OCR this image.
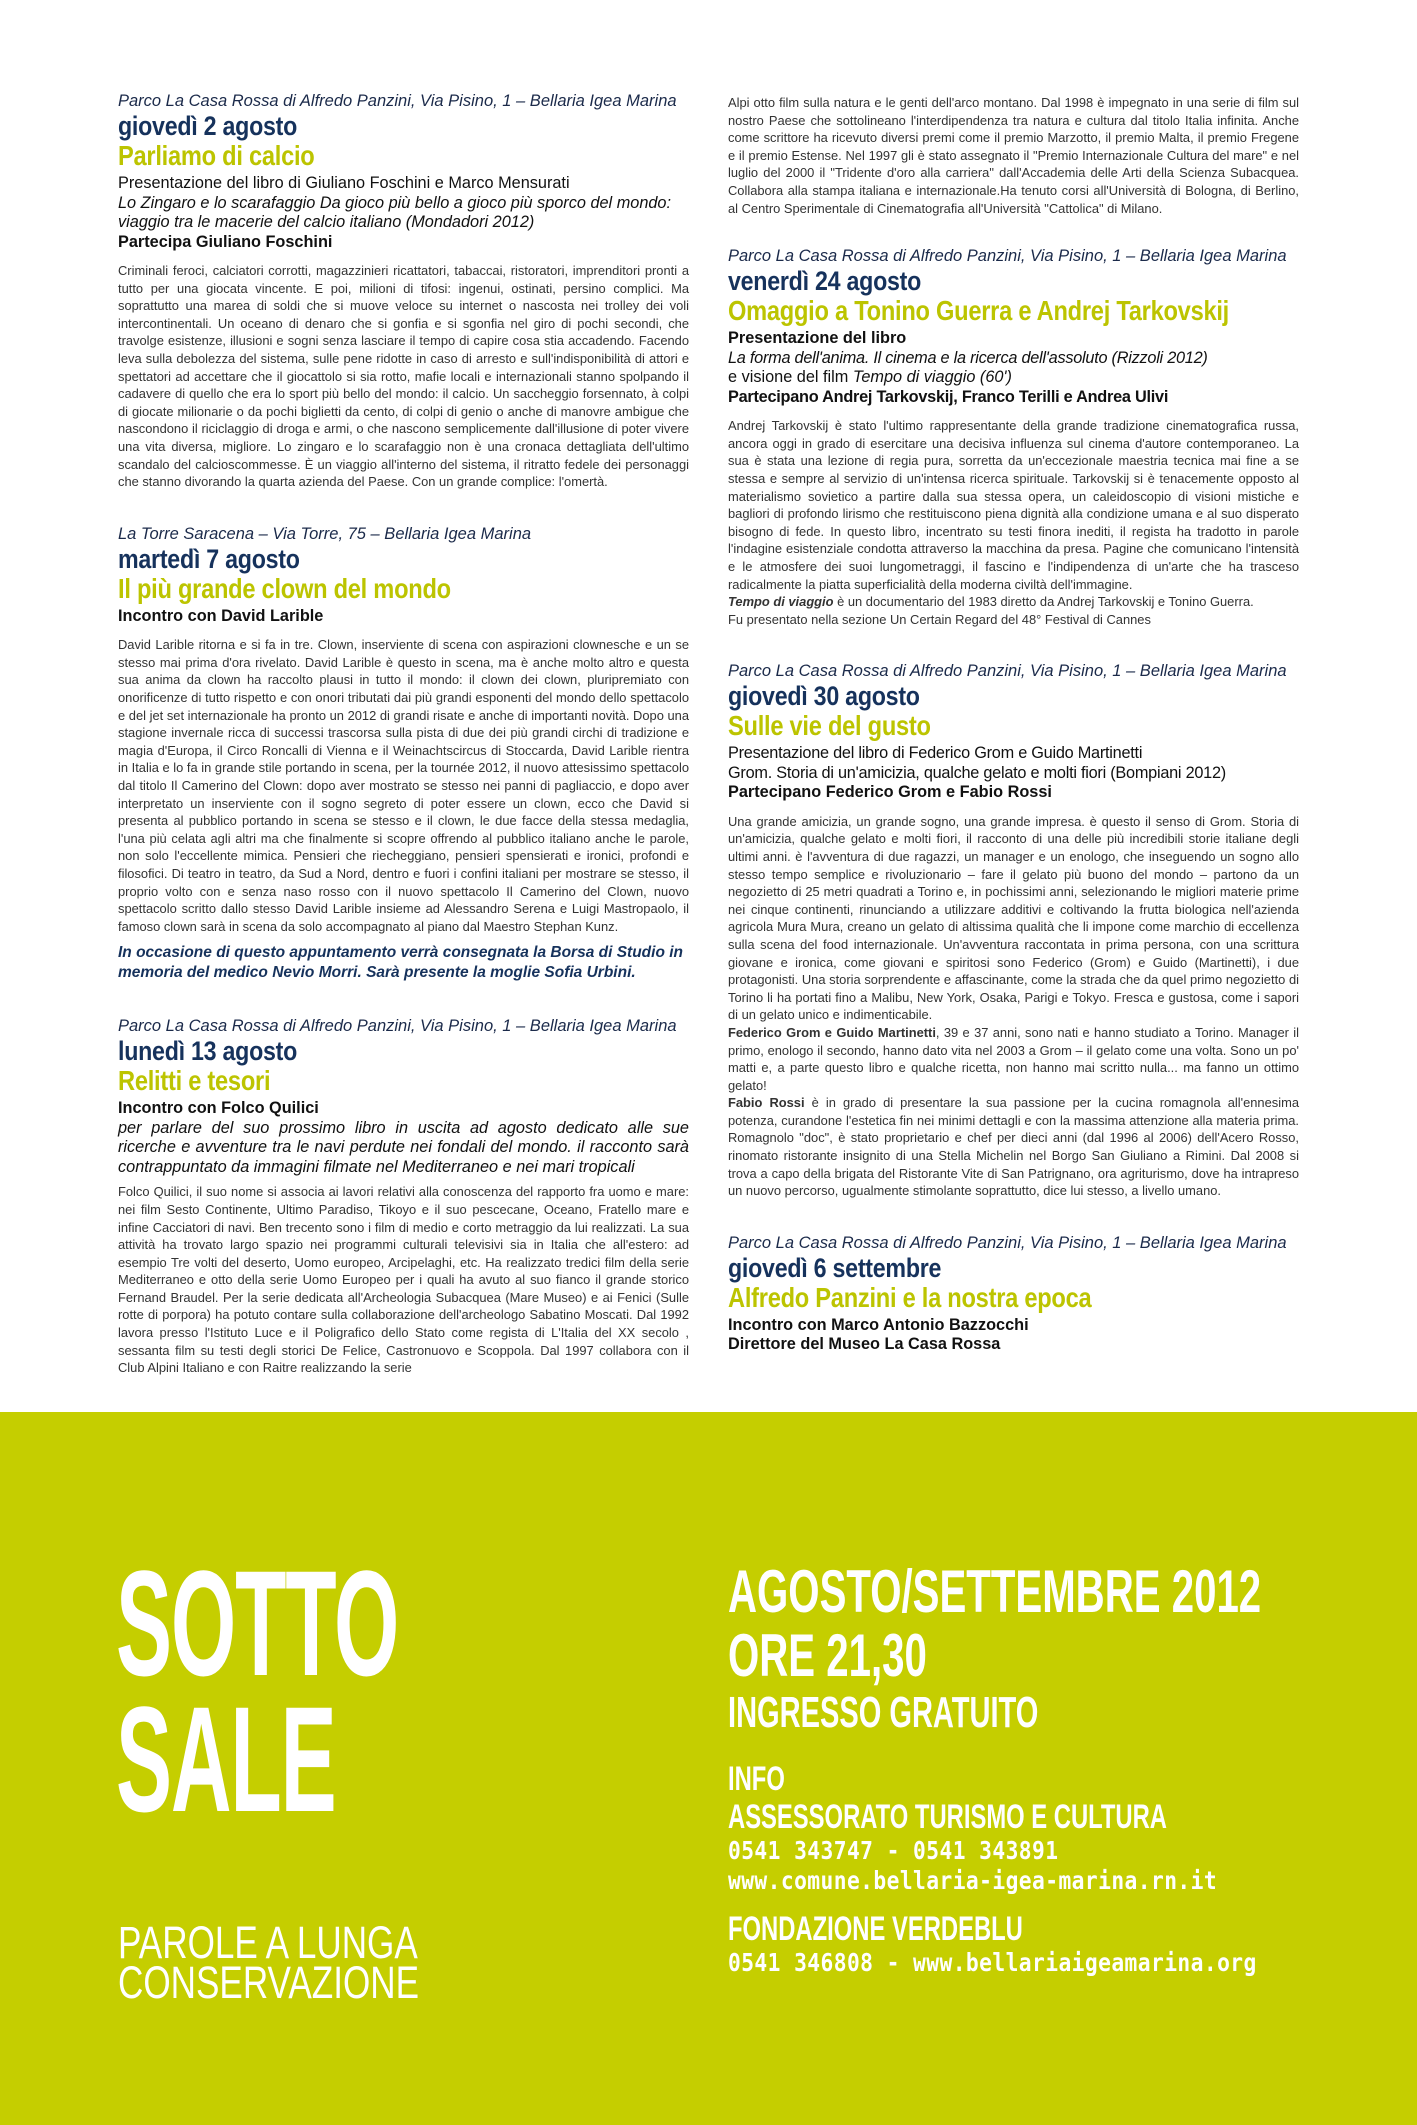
Parco La Casa Rossa di Alfredo Panzini, Via Pisino, 1 – Bellaria Igea Marina
giovedì 2 agosto
Parliamo di calcio
Presentazione del libro di Giuliano Foschini e Marco Mensurati
Lo Zingaro e lo scarafaggio Da gioco più bello a gioco più sporco del mondo:
viaggio tra le macerie del calcio italiano (Mondadori 2012)
Partecipa Giuliano Foschini
Criminali feroci, calciatori corrotti, magazzinieri ricattatori, tabaccai, ristoratori, imprenditori pronti a tutto per una giocata vincente. E poi, milioni di tifosi: ingenui, ostinati, persino complici. Ma soprattutto una marea di soldi che si muove veloce su internet o nascosta nei trolley dei voli intercontinentali. Un oceano di denaro che si gonfia e si sgonfia nel giro di pochi secondi, che travolge esistenze, illusioni e sogni senza lasciare il tempo di capire cosa stia accadendo. Facendo leva sulla debolezza del sistema, sulle pene ridotte in caso di arresto e sull'indisponibilità di attori e spettatori ad accettare che il giocattolo si sia rotto, mafie locali e internazionali stanno spolpando il cadavere di quello che era lo sport più bello del mondo: il calcio. Un saccheggio forsennato, à colpi di giocate milionarie o da pochi biglietti da cento, di colpi di genio o anche di manovre ambigue che nascondono il riciclaggio di droga e armi, o che nascono semplicemente dall'illusione di poter vivere una vita diversa, migliore. Lo zingaro e lo scarafaggio non è una cronaca dettagliata dell'ultimo scandalo del calcioscommesse. È un viaggio all'interno del sistema, il ritratto fedele dei personaggi che stanno divorando la quarta azienda del Paese. Con un grande complice: l'omertà.
La Torre Saracena – Via Torre, 75 – Bellaria Igea Marina
martedì 7 agosto
Il più grande clown del mondo
Incontro con David Larible
David Larible ritorna e si fa in tre. Clown, inserviente di scena con aspirazioni clownesche e un se stesso mai prima d'ora rivelato. David Larible è questo in scena, ma è anche molto altro e questa sua anima da clown ha raccolto plausi in tutto il mondo: il clown dei clown, pluripremiato con onorificenze di tutto rispetto e con onori tributati dai più grandi esponenti del mondo dello spettacolo e del jet set internazionale ha pronto un 2012 di grandi risate e anche di importanti novità. Dopo una stagione invernale ricca di successi trascorsa sulla pista di due dei più grandi circhi di tradizione e magia d'Europa, il Circo Roncalli di Vienna e il Weinachtscircus di Stoccarda, David Larible rientra in Italia e lo fa in grande stile portando in scena, per la tournée 2012, il nuovo attesissimo spettacolo dal titolo Il Camerino del Clown: dopo aver mostrato se stesso nei panni di pagliaccio, e dopo aver interpretato un inserviente con il sogno segreto di poter essere un clown, ecco che David si presenta al pubblico portando in scena se stesso e il clown, le due facce della stessa medaglia, l'una più celata agli altri ma che finalmente si scopre offrendo al pubblico italiano anche le parole, non solo l'eccellente mimica. Pensieri che riecheggiano, pensieri spensierati e ironici, profondi e filosofici. Di teatro in teatro, da Sud a Nord, dentro e fuori i confini italiani per mostrare se stesso, il proprio volto con e senza naso rosso con il nuovo spettacolo Il Camerino del Clown, nuovo spettacolo scritto dallo stesso David Larible insieme ad Alessandro Serena e Luigi Mastropaolo, il famoso clown sarà in scena da solo accompagnato al piano dal Maestro Stephan Kunz.
In occasione di questo appuntamento verrà consegnata la Borsa di Studio in memoria del medico Nevio Morri. Sarà presente la moglie Sofia Urbini.
Parco La Casa Rossa di Alfredo Panzini, Via Pisino, 1 – Bellaria Igea Marina
lunedì 13 agosto
Relitti e tesori
Incontro con Folco Quilici
per parlare del suo prossimo libro in uscita ad agosto dedicato alle sue ricerche e avventure tra le navi perdute nei fondali del mondo. il racconto sarà contrappuntato da immagini filmate nel Mediterraneo e nei mari tropicali
Folco Quilici, il suo nome si associa ai lavori relativi alla conoscenza del rapporto fra uomo e mare: nei film Sesto Continente, Ultimo Paradiso, Tikoyo e il suo pescecane, Oceano, Fratello mare e infine Cacciatori di navi. Ben trecento sono i film di medio e corto metraggio da lui realizzati. La sua attività ha trovato largo spazio nei programmi culturali televisivi sia in Italia che all'estero: ad esempio Tre volti del deserto, Uomo europeo, Arcipelaghi, etc. Ha realizzato tredici film della serie Mediterraneo e otto della serie Uomo Europeo per i quali ha avuto al suo fianco il grande storico Fernand Braudel. Per la serie dedicata all'Archeologia Subacquea (Mare Museo) e ai Fenici (Sulle rotte di porpora) ha potuto contare sulla collaborazione dell'archeologo Sabatino Moscati. Dal 1992 lavora presso l'Istituto Luce e il Poligrafico dello Stato come regista di L'Italia del XX secolo , sessanta film su testi degli storici De Felice, Castronuovo e Scoppola. Dal 1997 collabora con il Club Alpini Italiano e con Raitre realizzando la serie
Alpi otto film sulla natura e le genti dell'arco montano. Dal 1998 è impegnato in una serie di film sul nostro Paese che sottolineano l'interdipendenza tra natura e cultura dal titolo Italia infinita. Anche come scrittore ha ricevuto diversi premi come il premio Marzotto, il premio Malta, il premio Fregene e il premio Estense. Nel 1997 gli è stato assegnato il "Premio Internazionale Cultura del mare" e nel luglio del 2000 il "Tridente d'oro alla carriera" dall'Accademia delle Arti della Scienza Subacquea. Collabora alla stampa italiana e internazionale.Ha tenuto corsi all'Università di Bologna, di Berlino, al Centro Sperimentale di Cinematografia all'Università "Cattolica" di Milano.
Parco La Casa Rossa di Alfredo Panzini, Via Pisino, 1 – Bellaria Igea Marina
venerdì 24 agosto
Omaggio a Tonino Guerra e Andrej Tarkovskij
Presentazione del libro
La forma dell'anima. Il cinema e la ricerca dell'assoluto (Rizzoli 2012)
e visione del film Tempo di viaggio (60')
Partecipano Andrej Tarkovskij, Franco Terilli e Andrea Ulivi
Andrej Tarkovskij è stato l'ultimo rappresentante della grande tradizione cinematografica russa, ancora oggi in grado di esercitare una decisiva influenza sul cinema d'autore contemporaneo. La sua è stata una lezione di regia pura, sorretta da un'eccezionale maestria tecnica mai fine a se stessa e sempre al servizio di un'intensa ricerca spirituale. Tarkovskij si è tenacemente opposto al materialismo sovietico a partire dalla sua stessa opera, un caleidoscopio di visioni mistiche e bagliori di profondo lirismo che restituiscono piena dignità alla condizione umana e al suo disperato bisogno di fede. In questo libro, incentrato su testi finora inediti, il regista ha tradotto in parole l'indagine esistenziale condotta attraverso la macchina da presa. Pagine che comunicano l'intensità e le atmosfere dei suoi lungometraggi, il fascino e l'indipendenza di un'arte che ha trasceso radicalmente la piatta superficialità della moderna civiltà dell'immagine.
Tempo di viaggio è un documentario del 1983 diretto da Andrej Tarkovskij e Tonino Guerra.
Fu presentato nella sezione Un Certain Regard del 48° Festival di Cannes
Parco La Casa Rossa di Alfredo Panzini, Via Pisino, 1 – Bellaria Igea Marina
giovedì 30 agosto
Sulle vie del gusto
Presentazione del libro di Federico Grom e Guido Martinetti
Grom. Storia di un'amicizia, qualche gelato e molti fiori (Bompiani 2012)
Partecipano Federico Grom e Fabio Rossi
Una grande amicizia, un grande sogno, una grande impresa. è questo il senso di Grom. Storia di un'amicizia, qualche gelato e molti fiori, il racconto di una delle più incredibili storie italiane degli ultimi anni. è l'avventura di due ragazzi, un manager e un enologo, che inseguendo un sogno allo stesso tempo semplice e rivoluzionario – fare il gelato più buono del mondo – partono da un negozietto di 25 metri quadrati a Torino e, in pochissimi anni, selezionando le migliori materie prime nei cinque continenti, rinunciando a utilizzare additivi e coltivando la frutta biologica nell'azienda agricola Mura Mura, creano un gelato di altissima qualità che li impone come marchio di eccellenza sulla scena del food internazionale. Un'avventura raccontata in prima persona, con una scrittura giovane e ironica, come giovani e spiritosi sono Federico (Grom) e Guido (Martinetti), i due protagonisti. Una storia sorprendente e affascinante, come la strada che da quel primo negozietto di Torino li ha portati fino a Malibu, New York, Osaka, Parigi e Tokyo. Fresca e gustosa, come i sapori di un gelato unico e indimenticabile.
Federico Grom e Guido Martinetti, 39 e 37 anni, sono nati e hanno studiato a Torino. Manager il primo, enologo il secondo, hanno dato vita nel 2003 a Grom – il gelato come una volta. Sono un po' matti e, a parte questo libro e qualche ricetta, non hanno mai scritto nulla... ma fanno un ottimo gelato!
Fabio Rossi è in grado di presentare la sua passione per la cucina romagnola all'ennesima potenza, curandone l'estetica fin nei minimi dettagli e con la massima attenzione alla materia prima. Romagnolo "doc", è stato proprietario e chef per dieci anni (dal 1996 al 2006) dell'Acero Rosso, rinomato ristorante insignito di una Stella Michelin nel Borgo San Giuliano a Rimini. Dal 2008 si trova a capo della brigata del Ristorante Vite di San Patrignano, ora agriturismo, dove ha intrapreso un nuovo percorso, ugualmente stimolante soprattutto, dice lui stesso, a livello umano.
Parco La Casa Rossa di Alfredo Panzini, Via Pisino, 1 – Bellaria Igea Marina
giovedì 6 settembre
Alfredo Panzini e la nostra epoca
Incontro con Marco Antonio Bazzocchi
Direttore del Museo La Casa Rossa
SOTTO
SALE
PAROLE A LUNGA
CONSERVAZIONE
AGOSTO/SETTEMBRE 2012
ORE 21,30
INGRESSO GRATUITO
INFO
ASSESSORATO TURISMO E CULTURA
0541 343747 - 0541 343891
www.comune.bellaria-igea-marina.rn.it
FONDAZIONE VERDEBLU
0541 346808 - www.bellariaigeamarina.org
